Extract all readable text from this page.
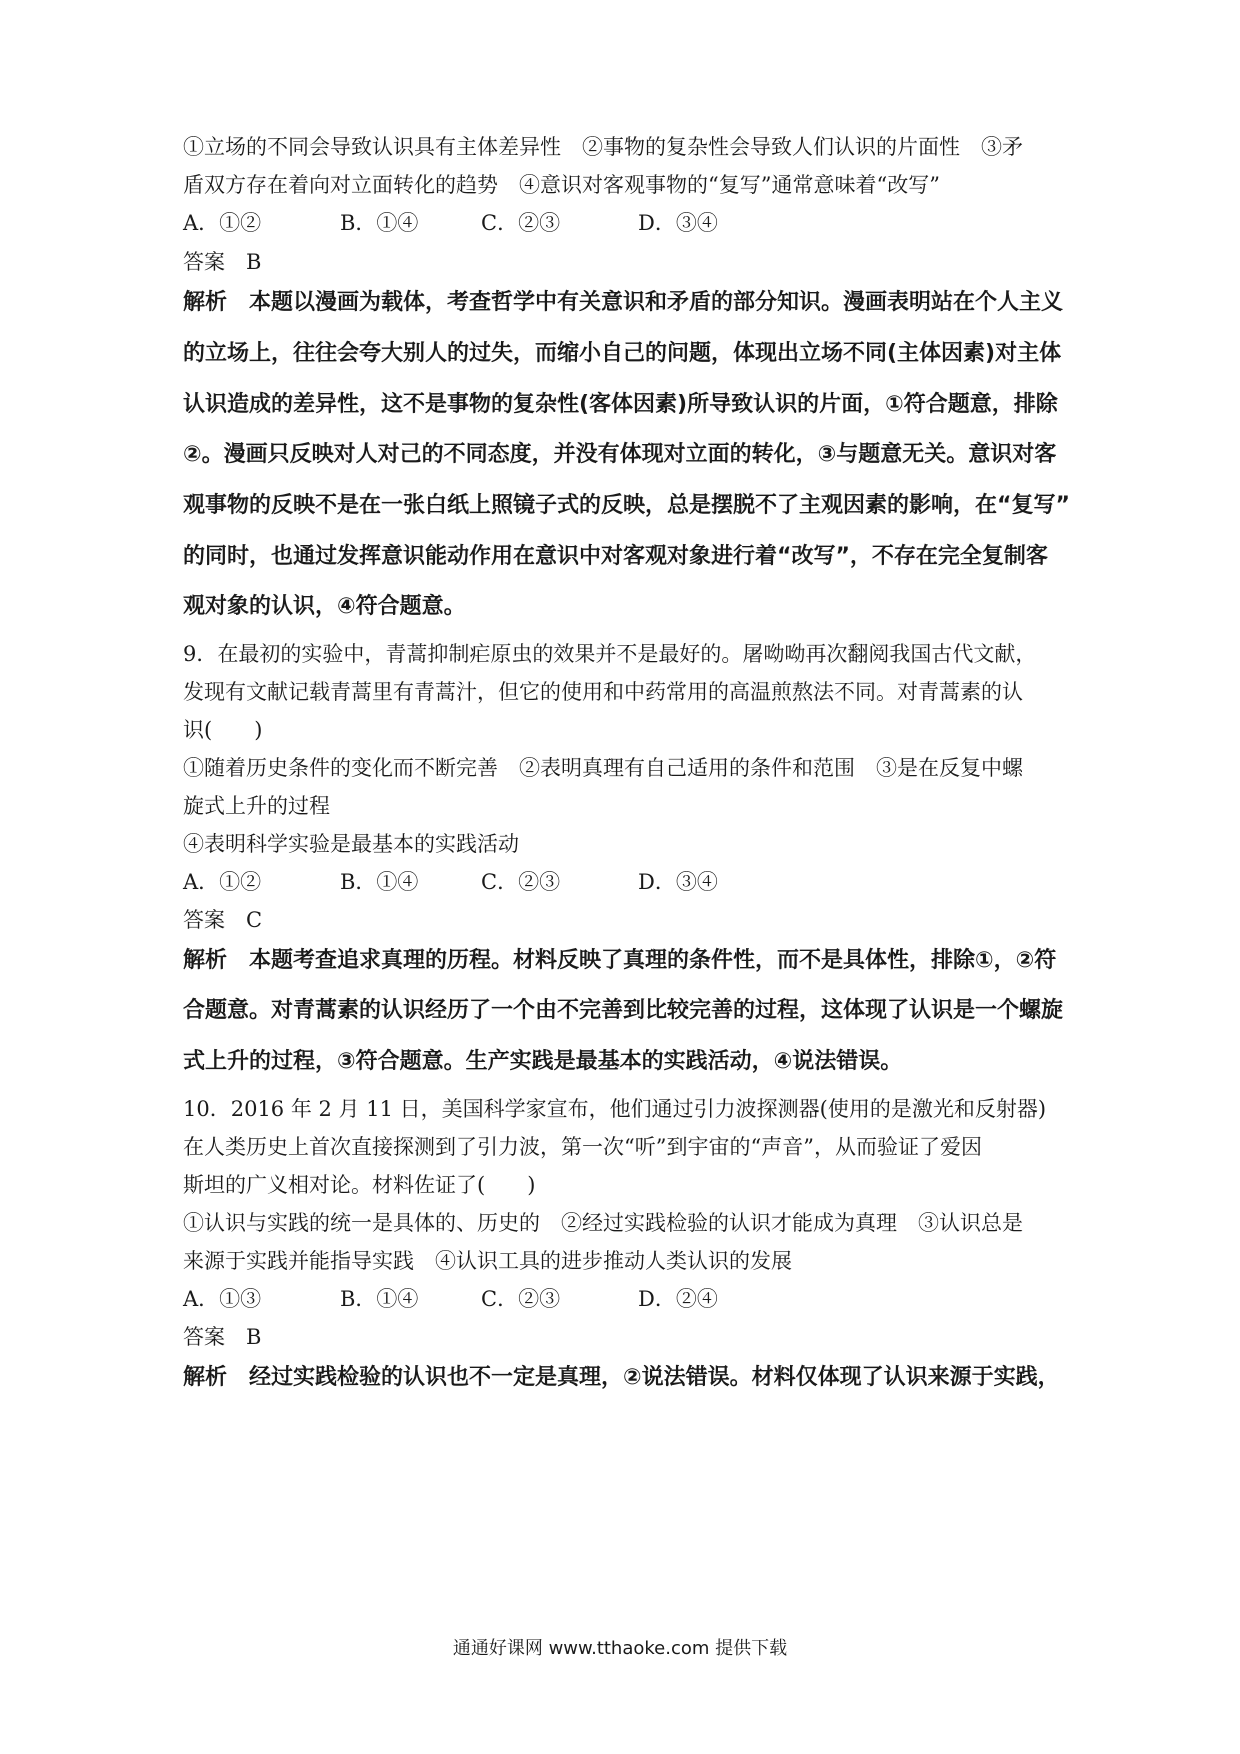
①立场的不同会导致认识具有主体差异性　②事物的复杂性会导致人们认识的片面性　③矛
盾双方存在着向对立面转化的趋势　④意识对客观事物的“复写”通常意味着“改写”
A．①②	B．①④	C．②③	D．③④
答案　B
解析　本题以漫画为载体，考查哲学中有关意识和矛盾的部分知识。漫画表明站在个人主义
的立场上，往往会夸大别人的过失，而缩小自己的问题，体现出立场不同(主体因素)对主体
认识造成的差异性，这不是事物的复杂性(客体因素)所导致认识的片面，①符合题意，排除
②。漫画只反映对人对己的不同态度，并没有体现对立面的转化，③与题意无关。意识对客
观事物的反映不是在一张白纸上照镜子式的反映，总是摆脱不了主观因素的影响，在“复写”
的同时，也通过发挥意识能动作用在意识中对客观对象进行着“改写”，不存在完全复制客
观对象的认识，④符合题意。
9．在最初的实验中，青蒿抑制疟原虫的效果并不是最好的。屠呦呦再次翻阅我国古代文献，
发现有文献记载青蒿里有青蒿汁，但它的使用和中药常用的高温煎熬法不同。对青蒿素的认
识(　　)
①随着历史条件的变化而不断完善　②表明真理有自己适用的条件和范围　③是在反复中螺
旋式上升的过程
④表明科学实验是最基本的实践活动
A．①②	B．①④	C．②③	D．③④
答案　C
解析　本题考查追求真理的历程。材料反映了真理的条件性，而不是具体性，排除①，②符
合题意。对青蒿素的认识经历了一个由不完善到比较完善的过程，这体现了认识是一个螺旋
式上升的过程，③符合题意。生产实践是最基本的实践活动，④说法错误。
10．2016 年 2 月 11 日，美国科学家宣布，他们通过引力波探测器(使用的是激光和反射器)
在人类历史上首次直接探测到了引力波，第一次“听”到宇宙的“声音”，从而验证了爱因
斯坦的广义相对论。材料佐证了(　　)
①认识与实践的统一是具体的、历史的　②经过实践检验的认识才能成为真理　③认识总是
来源于实践并能指导实践　④认识工具的进步推动人类认识的发展
A．①③	B．①④	C．②③	D．②④
答案　B
解析　经过实践检验的认识也不一定是真理，②说法错误。材料仅体现了认识来源于实践，
通通好课网 www.tthaoke.com 提供下载
